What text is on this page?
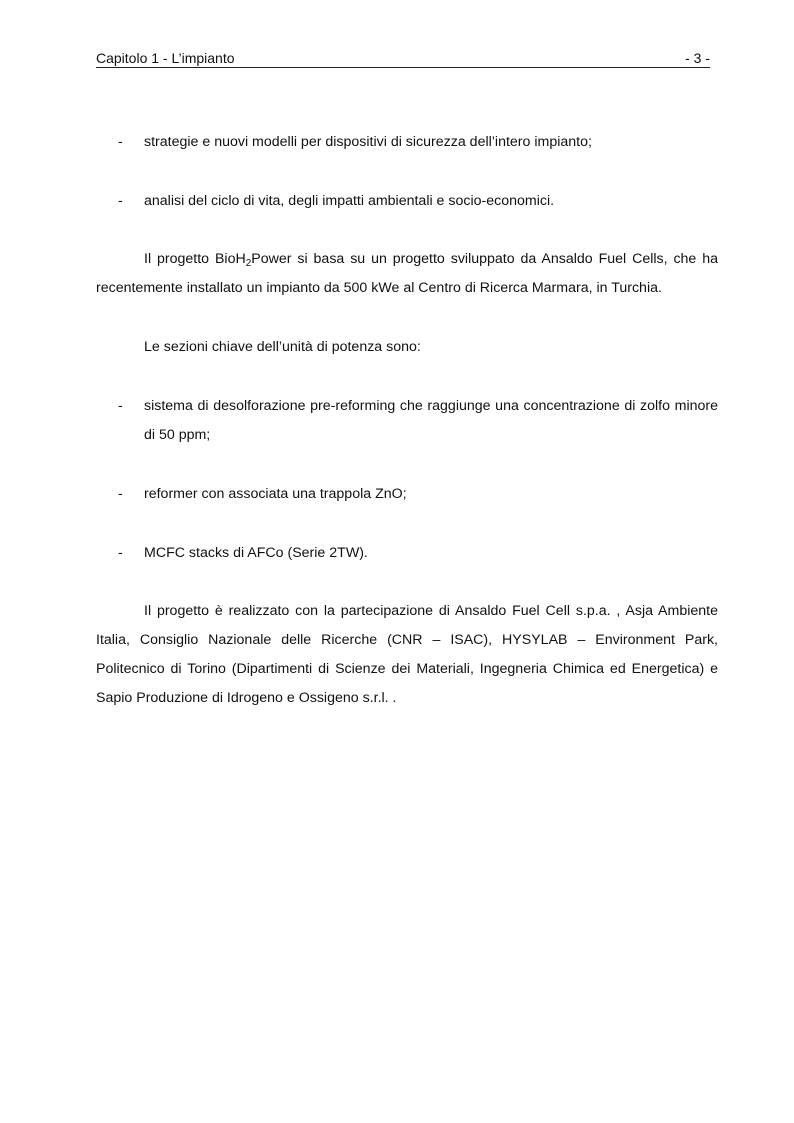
Capitolo 1 - L’impianto	- 3 -
- strategie e nuovi modelli per dispositivi di sicurezza dell’intero impianto;
- analisi del ciclo di vita, degli impatti ambientali e socio-economici.
Il progetto BioH$_2$Power si basa su un progetto sviluppato da Ansaldo Fuel Cells, che ha recentemente installato un impianto da 500 kWe al Centro di Ricerca Marmara, in Turchia.
Le sezioni chiave dell’unità di potenza sono:
- sistema di desolforazione pre-reforming che raggiunge una concentrazione di zolfo minore di 50 ppm;
- reformer con associata una trappola ZnO;
- MCFC stacks di AFCo (Serie 2TW).
Il progetto è realizzato con la partecipazione di Ansaldo Fuel Cell s.p.a. , Asja Ambiente Italia, Consiglio Nazionale delle Ricerche (CNR – ISAC), HYSYLAB – Environment Park, Politecnico di Torino (Dipartimenti di Scienze dei Materiali, Ingegneria Chimica ed Energetica) e Sapio Produzione di Idrogeno e Ossigeno s.r.l. .
